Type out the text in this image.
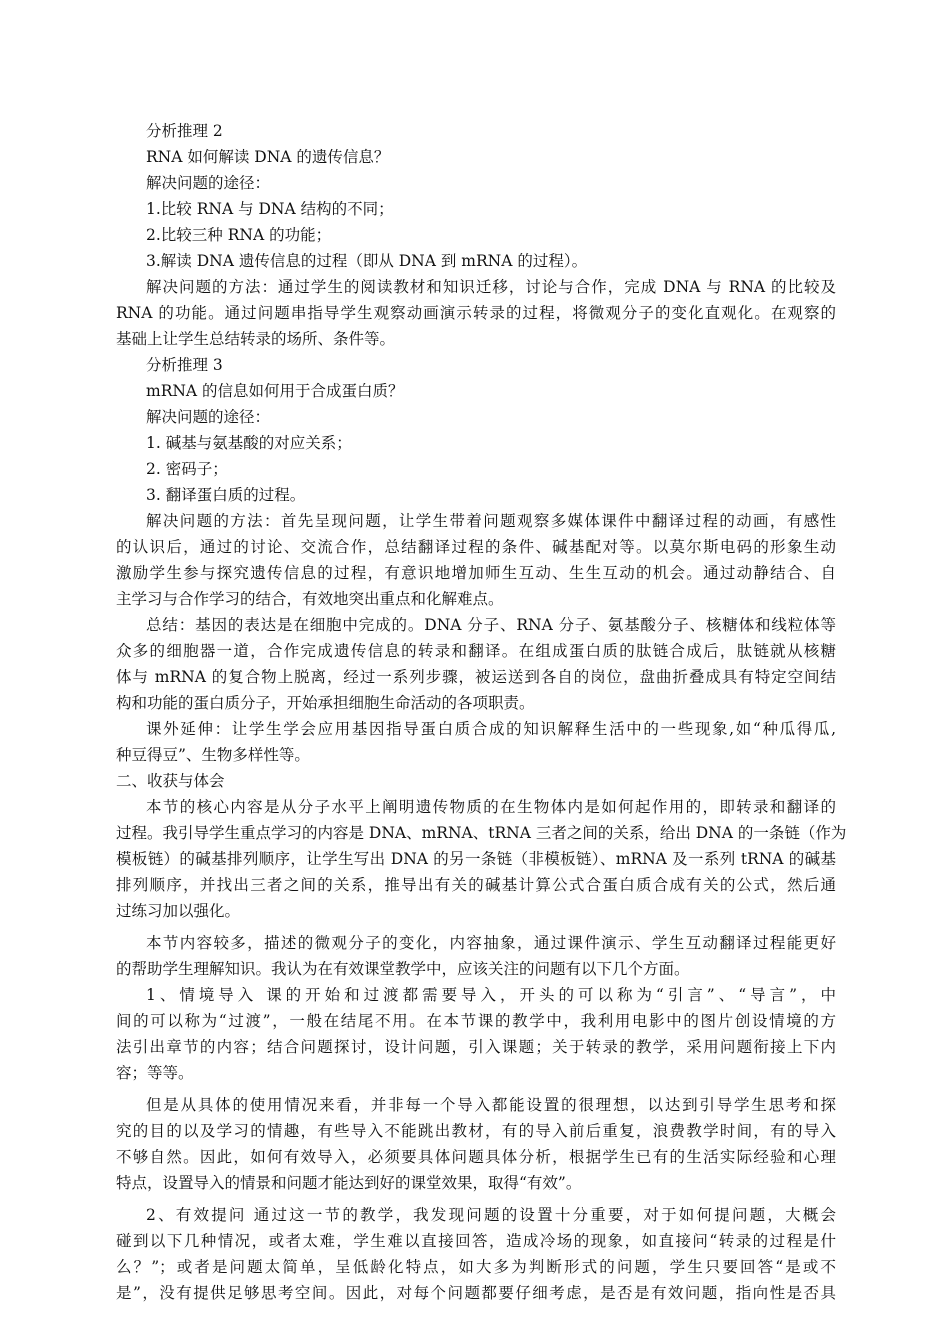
分析推理 2
RNA 如何解读 DNA 的遗传信息？
解决问题的途径：
1.比较 RNA 与 DNA 结构的不同；
2.比较三种 RNA 的功能；
3.解读 DNA 遗传信息的过程（即从 DNA 到 mRNA 的过程）。
解决问题的方法：通过学生的阅读教材和知识迁移，讨论与合作，完成 DNA 与 RNA 的比较及
RNA 的功能。通过问题串指导学生观察动画演示转录的过程，将微观分子的变化直观化。在观察的
基础上让学生总结转录的场所、条件等。
分析推理 3
mRNA 的信息如何用于合成蛋白质？
解决问题的途径：
1. 碱基与氨基酸的对应关系；
2. 密码子；
3. 翻译蛋白质的过程。
解决问题的方法：首先呈现问题，让学生带着问题观察多媒体课件中翻译过程的动画，有感性
的认识后，通过的讨论、交流合作，总结翻译过程的条件、碱基配对等。以莫尔斯电码的形象生动
激励学生参与探究遗传信息的过程，有意识地增加师生互动、生生互动的机会。通过动静结合、自
主学习与合作学习的结合，有效地突出重点和化解难点。
总结：基因的表达是在细胞中完成的。DNA 分子、RNA 分子、氨基酸分子、核糖体和线粒体等
众多的细胞器一道，合作完成遗传信息的转录和翻译。在组成蛋白质的肽链合成后，肽链就从核糖
体与 mRNA 的复合物上脱离，经过一系列步骤，被运送到各自的岗位，盘曲折叠成具有特定空间结
构和功能的蛋白质分子，开始承担细胞生命活动的各项职责。
课外延伸：让学生学会应用基因指导蛋白质合成的知识解释生活中的一些现象,如“种瓜得瓜,
种豆得豆”、生物多样性等。
二、收获与体会
本节的核心内容是从分子水平上阐明遗传物质的在生物体内是如何起作用的，即转录和翻译的
过程。我引导学生重点学习的内容是 DNA、mRNA、tRNA 三者之间的关系，给出 DNA 的一条链（作为
模板链）的碱基排列顺序，让学生写出 DNA 的另一条链（非模板链）、mRNA 及一系列 tRNA 的碱基
排列顺序，并找出三者之间的关系，推导出有关的碱基计算公式合蛋白质合成有关的公式，然后通
过练习加以强化。
本节内容较多，描述的微观分子的变化，内容抽象，通过课件演示、学生互动翻译过程能更好
的帮助学生理解知识。我认为在有效课堂教学中，应该关注的问题有以下几个方面。
1、情境导入 课的开始和过渡都需要导入，开头的可以称为“引言”、“导言”，中
间的可以称为“过渡”，一般在结尾不用。在本节课的教学中，我利用电影中的图片创设情境的方
法引出章节的内容；结合问题探讨，设计问题，引入课题；关于转录的教学，采用问题衔接上下内
容；等等。
但是从具体的使用情况来看，并非每一个导入都能设置的很理想，以达到引导学生思考和探
究的目的以及学习的情趣，有些导入不能跳出教材，有的导入前后重复，浪费教学时间，有的导入
不够自然。因此，如何有效导入，必须要具体问题具体分析，根据学生已有的生活实际经验和心理
特点，设置导入的情景和问题才能达到好的课堂效果，取得“有效”。
2、有效提问 通过这一节的教学，我发现问题的设置十分重要，对于如何提问题，大概会
碰到以下几种情况，或者太难，学生难以直接回答，造成冷场的现象，如直接问“转录的过程是什
么？”；或者是问题太简单，呈低龄化特点，如大多为判断形式的问题，学生只要回答“是或不
是”，没有提供足够思考空间。因此，对每个问题都要仔细考虑，是否是有效问题，指向性是否具
